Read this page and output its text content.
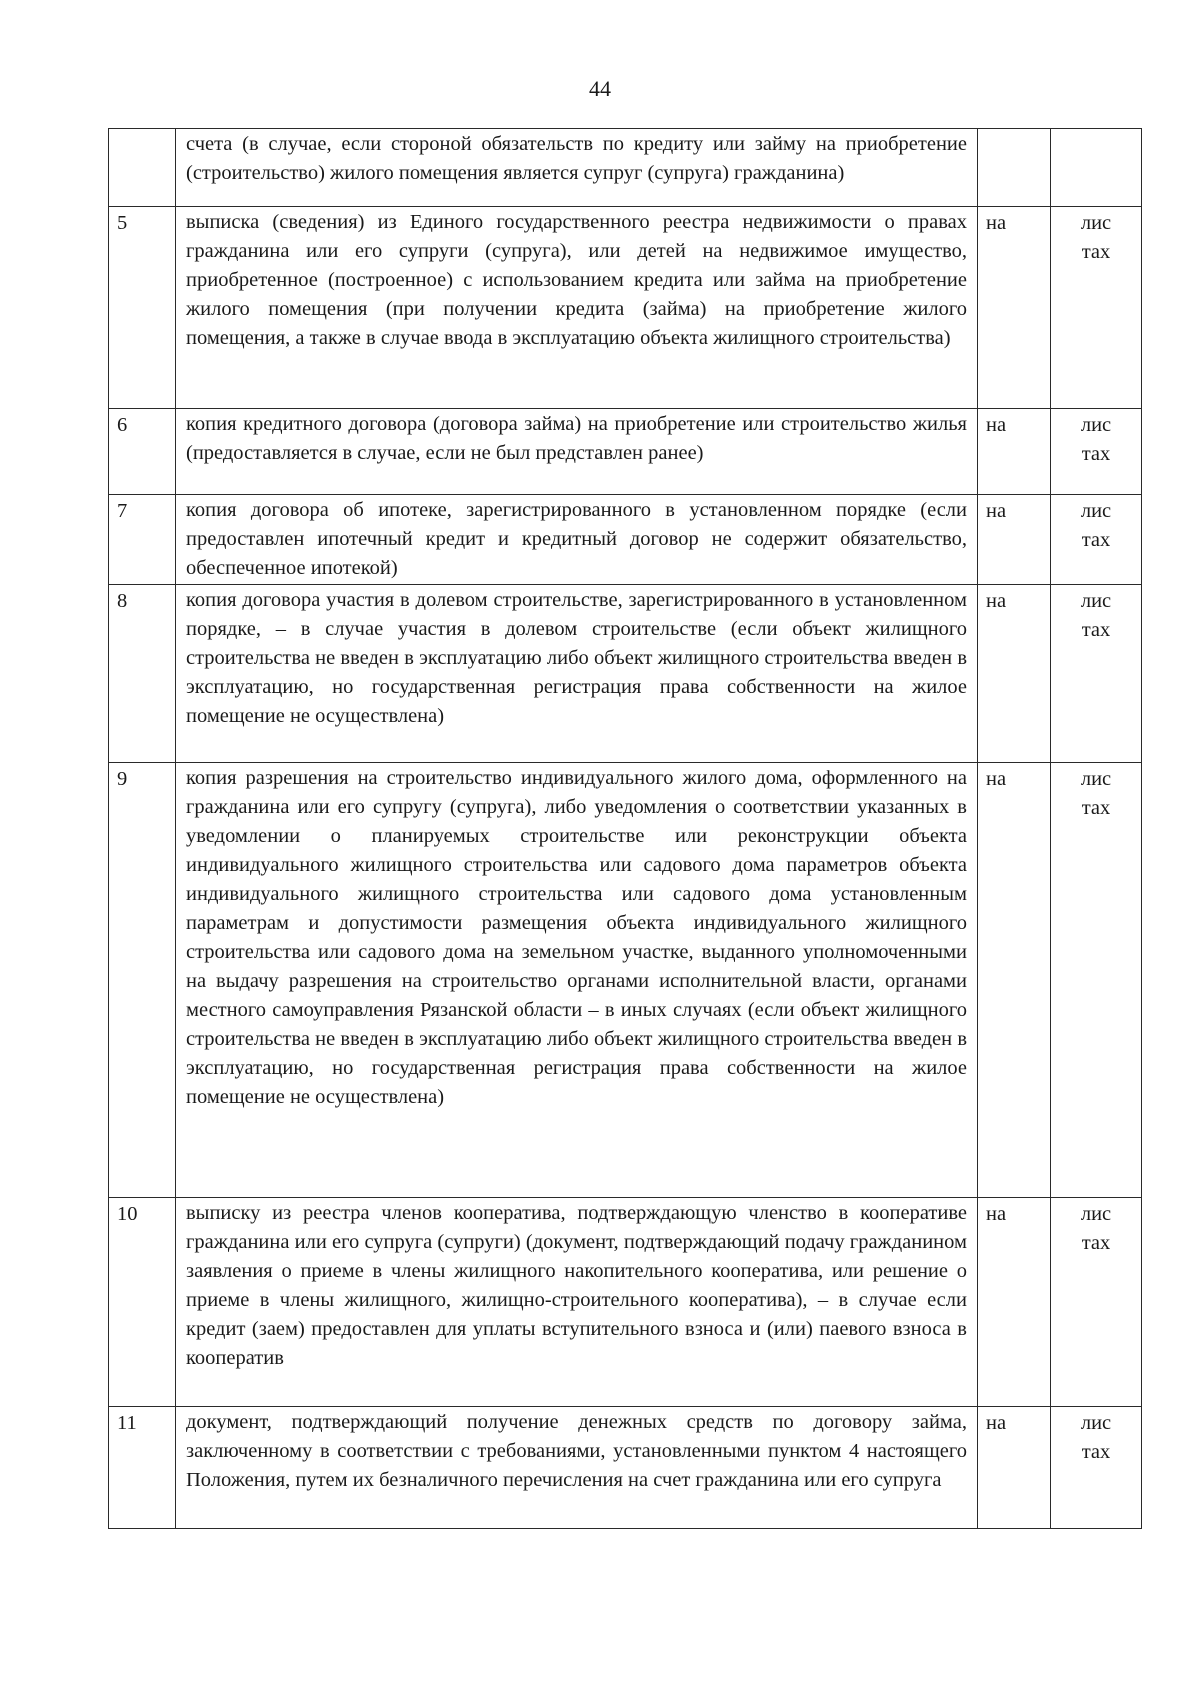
44
	счета (в случае, если стороной обязательств по кредиту или займу на приобретение (строительство) жилого помещения является супруг (супруга) гражданина)		

5	выписка (сведения) из Единого государственного реестра недвижимости о правах гражданина или его супруги (супруга), или детей на недвижимое имущество, приобретенное (построенное) с использованием кредита или займа на приобретение жилого помещения (при получении кредита (займа) на приобретение жилого помещения, а также в случае ввода в эксплуатацию объекта жилищного строительства)	на	лис
тах

6	копия кредитного договора (договора займа) на приобретение или строительство жилья (предоставляется в случае, если не был представлен ранее)	на	лис
тах

7	копия договора об ипотеке, зарегистрированного в установленном порядке (если предоставлен ипотечный кредит и кредитный договор не содержит обязательство, обеспеченное ипотекой)	на	лис
тах

8	копия договора участия в долевом строительстве, зарегистрированного в установленном порядке, – в случае участия в долевом строительстве (если объект жилищного строительства не введен в эксплуатацию либо объект жилищного строительства введен в эксплуатацию, но государственная регистрация права собственности на жилое помещение не осуществлена)	на	лис
тах

9	копия разрешения на строительство индивидуального жилого дома, оформленного на гражданина или его супругу (супруга), либо уведомления о соответствии указанных в уведомлении о планируемых строительстве или реконструкции объекта индивидуального жилищного строительства или садового дома параметров объекта индивидуального жилищного строительства или садового дома установленным параметрам и допустимости размещения объекта индивидуального жилищного строительства или садового дома на земельном участке, выданного уполномоченными на выдачу разрешения на строительство органами исполнительной власти, органами местного самоуправления Рязанской области – в иных случаях (если объект жилищного строительства не введен в эксплуатацию либо объект жилищного строительства введен в эксплуатацию, но государственная регистрация права собственности на жилое помещение не осуществлена)	на	лис
тах

10	выписку из реестра членов кооператива, подтверждающую членство в кооперативе гражданина или его супруга (супруги) (документ, подтверждающий подачу гражданином заявления о приеме в члены жилищного накопительного кооператива, или решение о приеме в члены жилищного, жилищно-строительного кооператива), – в случае если кредит (заем) предоставлен для уплаты вступительного взноса и (или) паевого взноса в кооператив	на	лис
тах

11	документ, подтверждающий получение денежных средств по договору займа, заключенному в соответствии с требованиями, установленными пунктом 4 настоящего Положения, путем их безналичного перечисления на счет гражданина или его супруга	на	лис
тах
